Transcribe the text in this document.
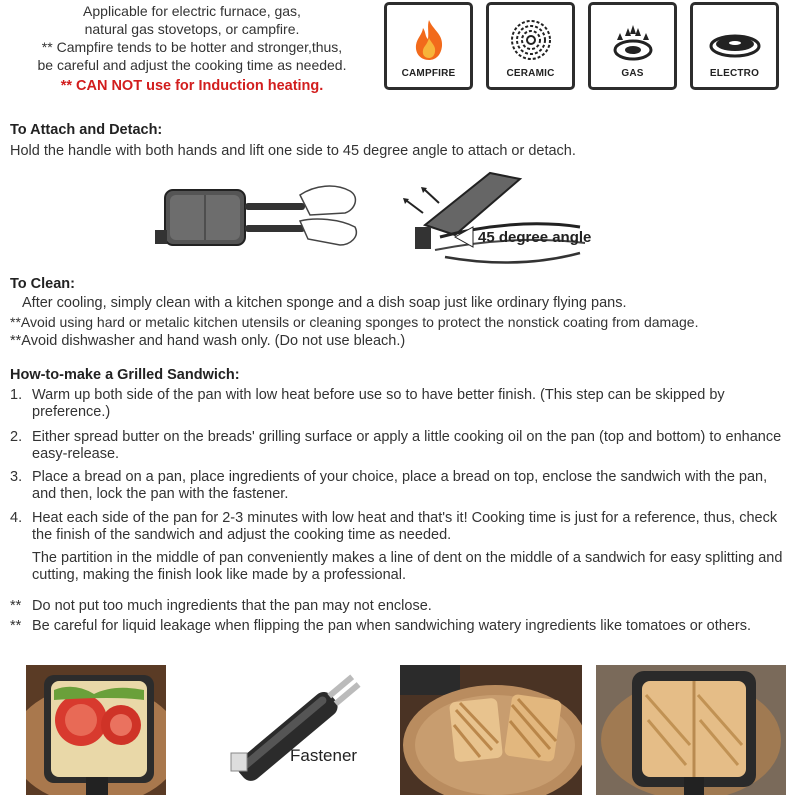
Applicable for electric furnace, gas,
natural gas stovetops, or campfire.
** Campfire tends to be hotter and stronger,thus,
be careful and adjust the cooking time as needed.
** CAN NOT use for Induction heating.
CAMPFIRE	CERAMIC	GAS	ELECTRO
To Attach and Detach:
Hold the handle with both hands and lift one side to 45 degree angle to attach or detach.
45 degree angle
To Clean:
After cooling, simply clean with a kitchen sponge and a dish soap just like ordinary flying pans.
**Avoid using hard or metalic kitchen utensils or cleaning sponges to protect the nonstick coating from damage.
**Avoid dishwasher and hand wash only. (Do not use bleach.)
How-to-make a Grilled Sandwich:
1. Warm up both side of the pan with low heat before use so to have better finish. (This step can be skipped by preference.)
2. Either spread butter on the breads' grilling surface or apply a little cooking oil on the pan (top and bottom) to enhance easy-release.
3. Place a bread on a pan, place ingredients of your choice, place a bread on top, enclose the sandwich with the pan, and then, lock the pan with the fastener.
4. Heat each side of the pan for 2-3 minutes with low heat and that's it! Cooking time is just for a reference, thus, check the finish of the sandwich and adjust the cooking time as needed.
The partition in the middle of pan conveniently makes a line of dent on the middle of a sandwich for easy splitting and cutting, making the finish look like made by a professional.
** Do not put too much ingredients that the pan may not enclose.
** Be careful for liquid leakage when flipping the pan when sandwiching watery ingredients like tomatoes or others.
Fastener
